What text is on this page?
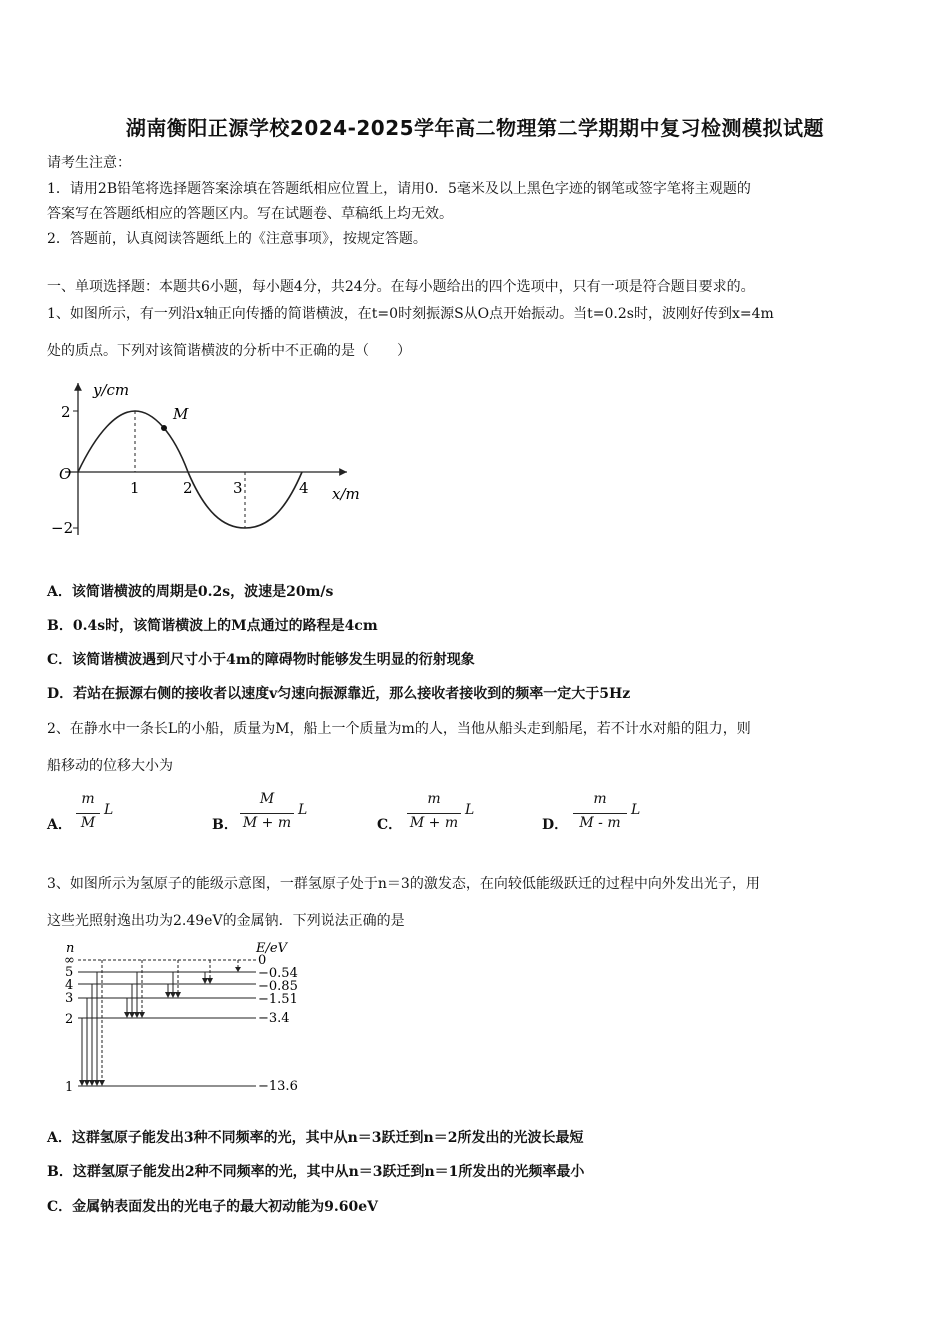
湖南衡阳正源学校2024-2025学年高二物理第二学期期中复习检测模拟试题
请考生注意：
1．请用2B铅笔将选择题答案涂填在答题纸相应位置上，请用0．5毫米及以上黑色字迹的钢笔或签字笔将主观题的
答案写在答题纸相应的答题区内。写在试题卷、草稿纸上均无效。
2．答题前，认真阅读答题纸上的《注意事项》，按规定答题。
一、单项选择题：本题共6小题，每小题4分，共24分。在每小题给出的四个选项中，只有一项是符合题目要求的。
1、如图所示，有一列沿x轴正向传播的简谐横波，在t=0时刻振源S从O点开始振动。当t=0.2s时，波刚好传到x=4m
处的质点。下列对该简谐横波的分析中不正确的是（　　）
M
y/cm
x/m
O
2
−2
1	2	3	4
A．该简谐横波的周期是0.2s，波速是20m/s
B．0.4s时，该简谐横波上的M点通过的路程是4cm
C．该简谐横波遇到尺寸小于4m的障碍物时能够发生明显的衍射现象
D．若站在振源右侧的接收者以速度v匀速向振源靠近，那么接收者接收到的频率一定大于5Hz
2、在静水中一条长L的小船，质量为M，船上一个质量为m的人，当他从船头走到船尾，若不计水对船的阻力，则
船移动的位移大小为
A．
m
M
L
B．
M
M + m
L
C．
m
M + m
L
D．
m
M - m
L
3、如图所示为氢原子的能级示意图，一群氢原子处于n＝3的激发态，在向较低能级跃迁的过程中向外发出光子，用
这些光照射逸出功为2.49eV的金属钠．下列说法正确的是
n	E/eV
∞
5
4
3
2
1
0
−0.54
−0.85
−1.51
−3.4
−13.6
A．这群氢原子能发出3种不同频率的光，其中从n＝3跃迁到n＝2所发出的光波长最短
B．这群氢原子能发出2种不同频率的光，其中从n＝3跃迁到n＝1所发出的光频率最小
C．金属钠表面发出的光电子的最大初动能为9.60eV
